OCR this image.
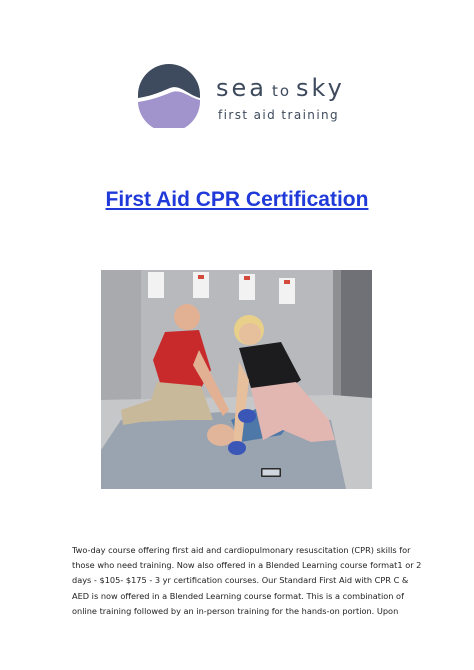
sea to sky
first aid training
First Aid CPR Certification
Two-day course offering first aid and cardiopulmonary resuscitation (CPR) skills for
those who need training. Now also offered in a Blended Learning course format1 or 2
days - $105- $175 - 3 yr certification courses. Our Standard First Aid with CPR C &
AED is now offered in a Blended Learning course format. This is a combination of
online training followed by an in-person training for the hands-on portion. Upon
